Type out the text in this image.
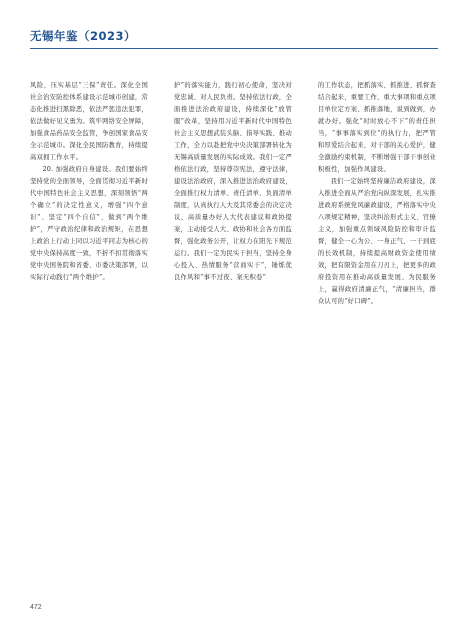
无锡年鉴（2023）

风险，压实基层“三保”责任。深化全国社会治安防控体系建设示范城市创建，常态化推进扫黑除恶，依法严惩违法犯罪，依法做好见义勇为。筑牢网络安全屏障，加强食品药品安全监管，争创国家食品安全示范城市。深化全民国防教育，持续提高双拥工作水平。

20. 加强政府自身建设。我们要始终坚持党的全面领导，全面贯彻习近平新时代中国特色社会主义思想，深刻领悟“两个确立”的决定性意义，增强“四个意识”、坚定“四个自信”、做到“两个维护”，严守政治纪律和政治规矩，在思想上政治上行动上同以习近平同志为核心的党中央保持高度一致，不折不扣贯彻落实党中央国务院和省委、市委决策部署，以实际行动践行“两个维护”。

护”的落实能力，践行初心使命，坚决对党忠诚、对人民负责。坚持依法行政，全面推进法治政府建设，持续深化“放管服”改革，坚持用习近平新时代中国特色社会主义思想武装头脑、指导实践、推动工作，全力以赴把党中央决策部署转化为无锡高质量发展的实际成效。我们一定严格依法行政，坚持尊崇宪法，遵守法律，建设法治政府，深入推进法治政府建设，全面推行权力清单、责任清单、负面清单制度，认真执行人大及其常委会的决定决议，高质量办好人大代表建议和政协提案，主动接受人大、政协和社会各方面监督，强化政务公开，让权力在阳光下规范运行。我们一定为民实干担当，坚持全身心投入、热情服务“营商实干”，锤炼优良作风和“事不过夜、案无积卷”

的工作状态，把抓落实、抓推进、抓督查结合起来，重要工作、重大事项和重点项目单位定方案、抓推落地，说到做到，办就办好。强化“时时放心不下”的责任担当，“事事落实到位”的执行力，把严管和厚爱结合起来，对干部的关心爱护，健全激励约束机制，不断增强干部干事创业积极性，加强作风建设。

我们一定始终坚持廉洁政府建设，深入推进全面从严治党向纵深发展，扎实推进政府系统党风廉政建设，严格落实中央八项规定精神，坚决纠治形式主义、官僚主义，加强重点领域风险防控和审计监督，健全一心为公、一身正气、一干到底的长效机制，持续提高财政资金使用绩效，把有限资金用在刀刃上，把更多的政府投资用在推动高质量发展、为民服务上，赢得政府清廉正气，“清廉担当，群众认可的“好口碑”。

472
